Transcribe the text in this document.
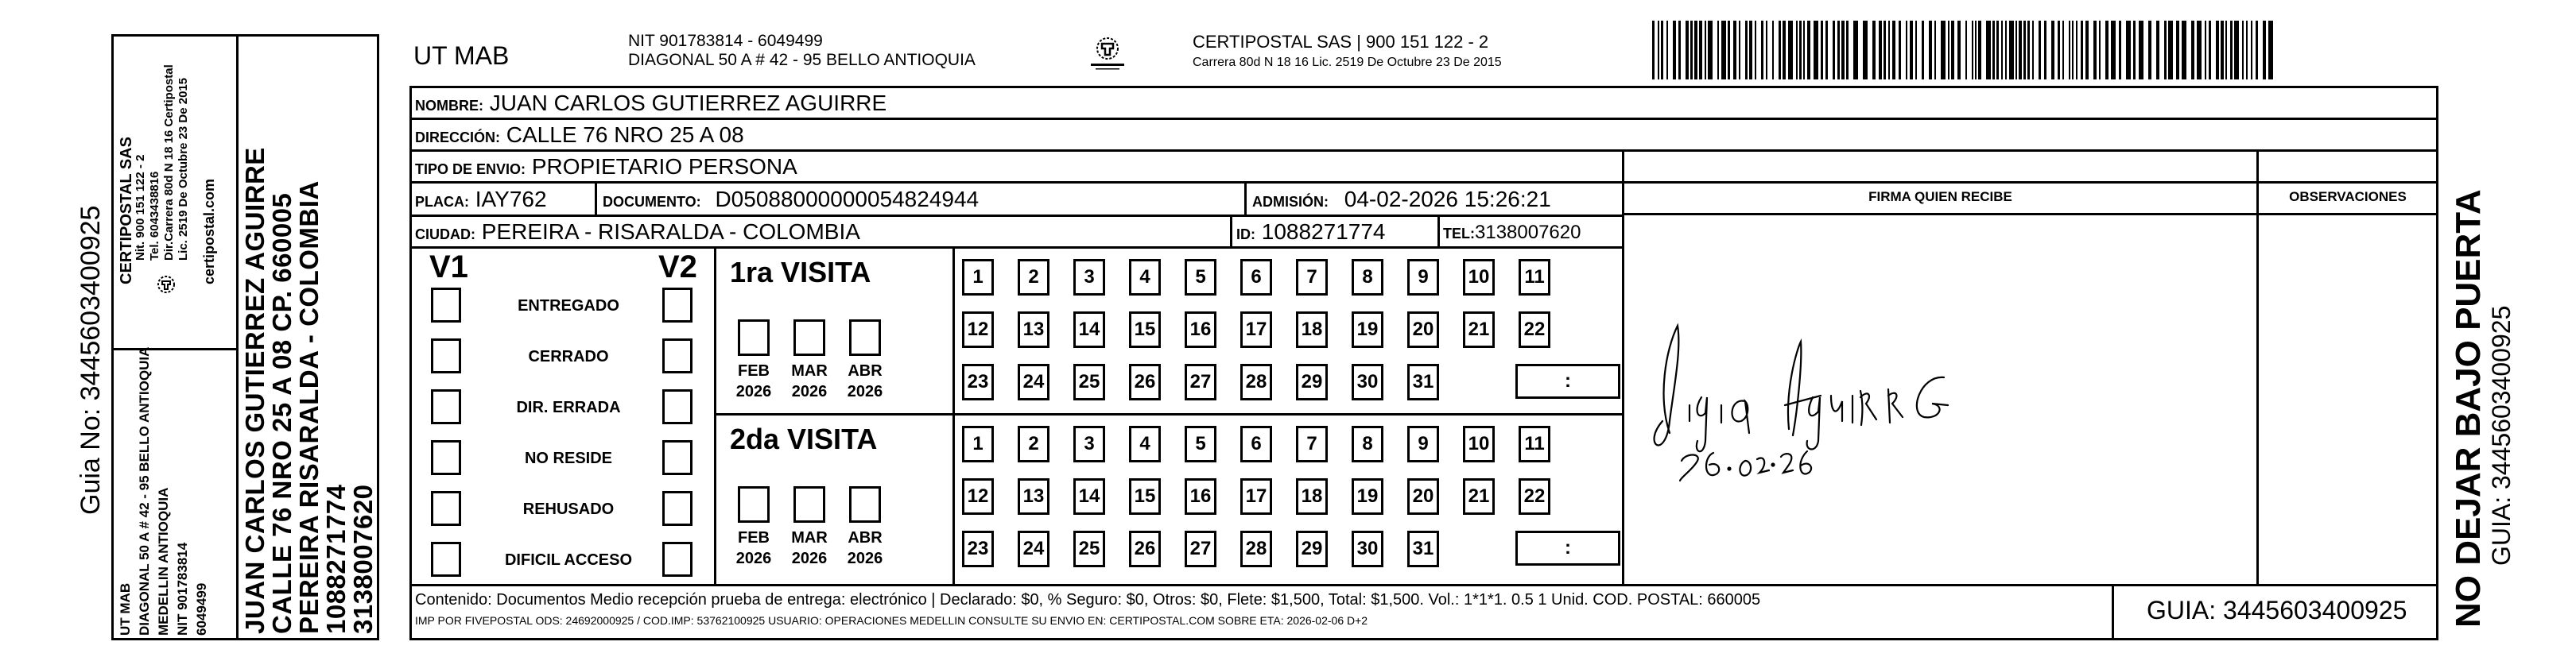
Guia No: 3445603400925 CERTIPOSTAL SAS
Nit. 900 151 122 - 2 Tel. 6043438816 Dir.Carrera 80d N 18 16 Certipostal Lic. 2519 De Octubre 23 De 2015 certipostal.com
UT MAB DIAGONAL 50 A # 42 - 95 BELLO ANTIOQUIA MEDELLIN ANTIOQUIA NIT 901783814 6049499 JUAN CARLOS GUTIERREZ AGUIRRE
CALLE 76 NRO 25 A 08 CP. 660005
PEREIRA RISARALDA - COLOMBIA
1088271774
3138007620
UT MAB
NIT 901783814 - 6049499
DIAGONAL 50 A # 42 - 95 BELLO ANTIOQUIA
CERTIPOSTAL SAS | 900 151 122 - 2
Carrera 80d N 18 16 Lic. 2519 De Octubre 23 De 2015
NOMBRE: JUAN CARLOS GUTIERREZ AGUIRRE
DIRECCIÓN: CALLE 76 NRO 25 A 08
TIPO DE ENVIO: PROPIETARIO PERSONA
PLACA: IAY762	DOCUMENTO: D05088000000054824944	ADMISIÓN: 04-02-2026 15:26:21
CIUDAD: PEREIRA - RISARALDA - COLOMBIA	ID: 1088271774	TEL:3138007620
FIRMA QUIEN RECIBE	OBSERVACIONES
V1	V2
ENTREGADO
CERRADO
DIR. ERRADA
NO RESIDE
REHUSADO
DIFICIL ACCESO
1ra VISITA
2da VISITA
FEB
2026
MAR
2026
ABR
2026
1	2	3	4	5	6	7	8	9	10	11
12 13 14 15 16 17 18 19 20 21 22
23 24 25 26 27 28 29 30 31	:
FEB
2026
MAR
2026
ABR
2026
1	2	3	4	5	6	7	8	9	10	11
12 13 14 15 16 17 18 19 20 21 22
23 24 25 26 27 28 29 30 31	:
Contenido: Documentos Medio recepción prueba de entrega: electrónico | Declarado: $0, % Seguro: $0, Otros: $0, Flete: $1,500, Total: $1,500. Vol.: 1*1*1. 0.5 1 Unid. COD. POSTAL: 660005
IMP POR FIVEPOSTAL ODS: 24692000925 / COD.IMP: 53762100925 USUARIO: OPERACIONES MEDELLIN CONSULTE SU ENVIO EN: CERTIPOSTAL.COM SOBRE ETA: 2026-02-06 D+2	GUIA: 3445603400925 NO DEJAR BAJO PUERTA GUIA: 3445603400925
